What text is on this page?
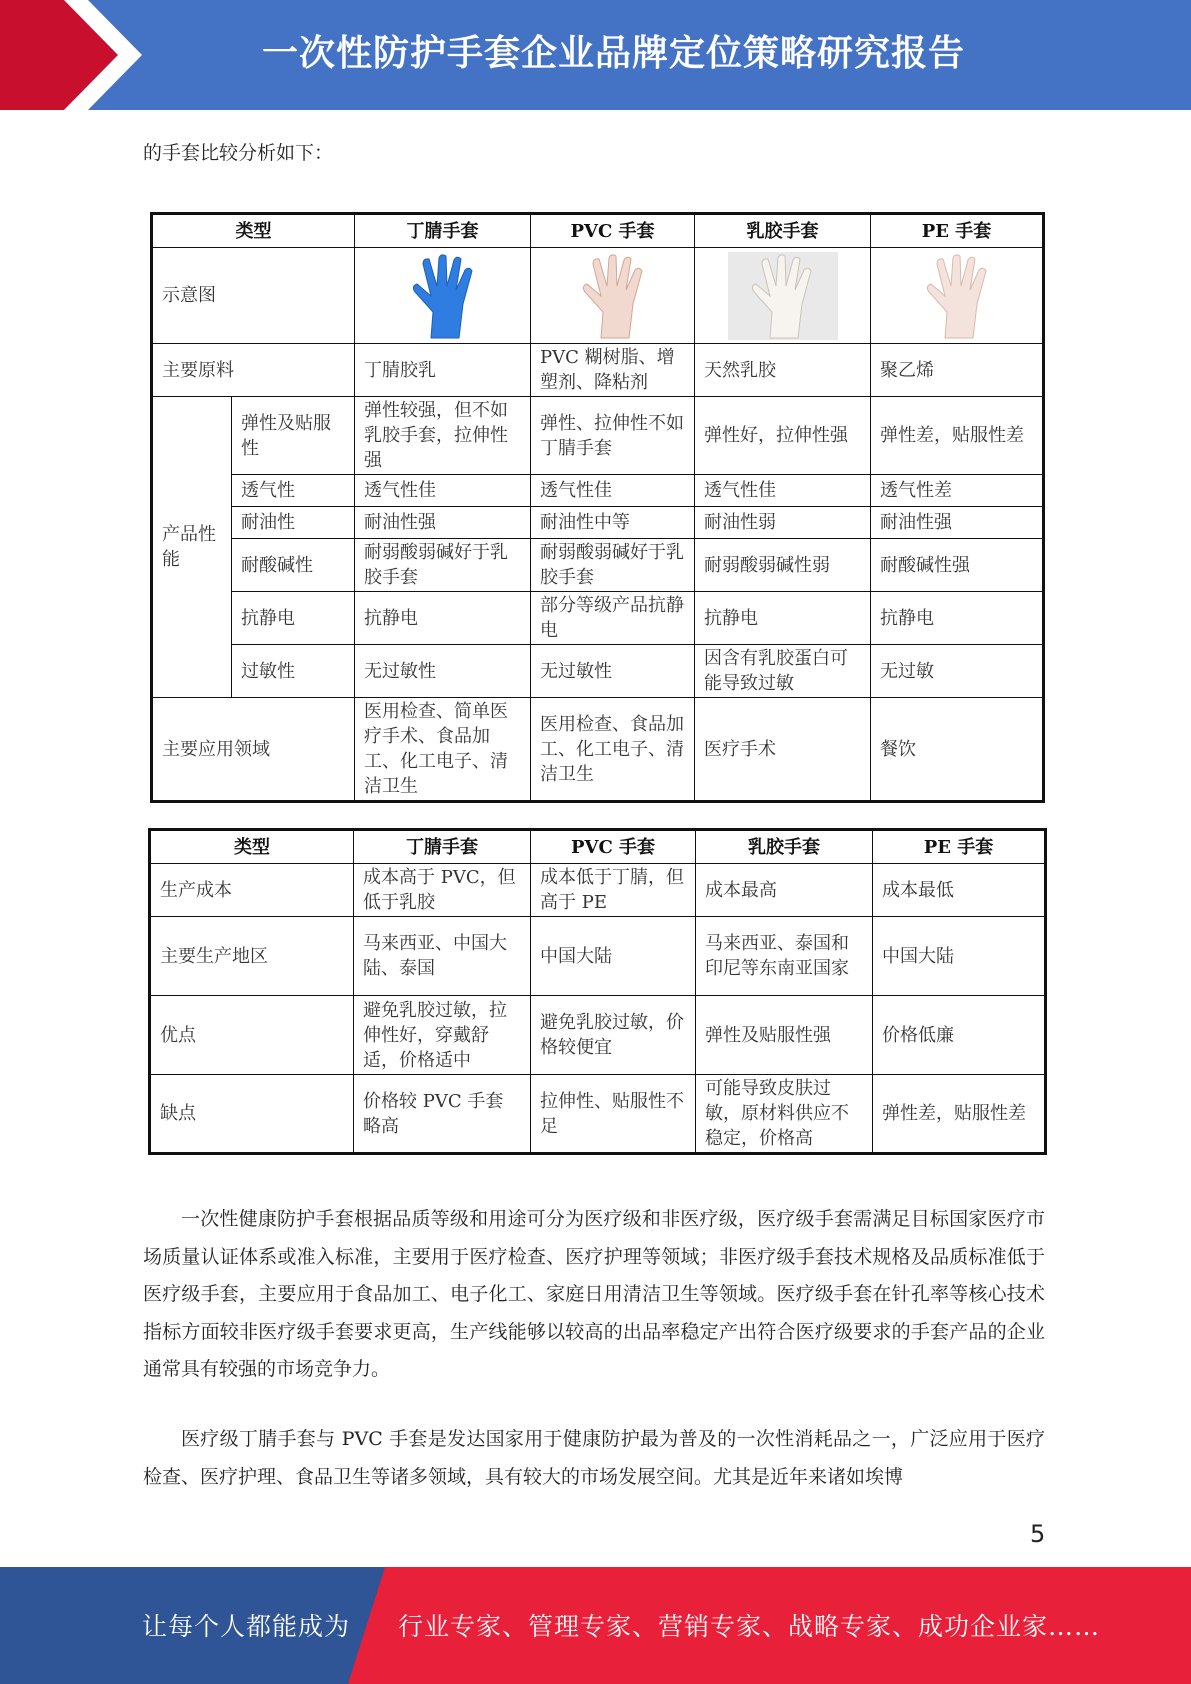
一次性防护手套企业品牌定位策略研究报告
的手套比较分析如下：
类型		丁腈手套	PVC 手套	乳胶手套	PE 手套
示意图	

主要原料		丁腈胶乳	PVC 糊树脂、增塑剂、降粘剂	天然乳胶	聚乙烯
产品性能	弹性及贴服性	弹性较强，但不如乳胶手套，拉伸性强	弹性、拉伸性不如丁腈手套	弹性好，拉伸性强	弹性差，贴服性差
	透气性	透气性佳	透气性佳	透气性佳	透气性差
	耐油性	耐油性强	耐油性中等	耐油性弱	耐油性强
	耐酸碱性	耐弱酸弱碱好于乳胶手套	耐弱酸弱碱好于乳胶手套	耐弱酸弱碱性弱	耐酸碱性强
	抗静电	抗静电	部分等级产品抗静电	抗静电	抗静电
	过敏性	无过敏性	无过敏性	因含有乳胶蛋白可能导致过敏	无过敏
主要应用领域		医用检查、简单医疗手术、食品加工、化工电子、清洁卫生	医用检查、食品加工、化工电子、清洁卫生	医疗手术	餐饮
类型	丁腈手套	PVC 手套	乳胶手套	PE 手套
生产成本	成本高于 PVC，但低于乳胶	成本低于丁腈，但高于 PE	成本最高	成本最低
主要生产地区	马来西亚、中国大陆、泰国	中国大陆	马来西亚、泰国和印尼等东南亚国家	中国大陆
优点	避免乳胶过敏，拉伸性好，穿戴舒适，价格适中	避免乳胶过敏，价格较便宜	弹性及贴服性强	价格低廉
缺点	价格较 PVC 手套略高	拉伸性、贴服性不足	可能导致皮肤过敏，原材料供应不稳定，价格高	弹性差，贴服性差

一次性健康防护手套根据品质等级和用途可分为医疗级和非医疗级，医疗级手套需满足目标国家医疗市场质量认证体系或准入标准，主要用于医疗检查、医疗护理等领域；非医疗级手套技术规格及品质标准低于医疗级手套，主要应用于食品加工、电子化工、家庭日用清洁卫生等领域。医疗级手套在针孔率等核心技术指标方面较非医疗级手套要求更高，生产线能够以较高的出品率稳定产出符合医疗级要求的手套产品的企业通常具有较强的市场竞争力。

医疗级丁腈手套与 PVC 手套是发达国家用于健康防护最为普及的一次性消耗品之一，广泛应用于医疗检查、医疗护理、食品卫生等诸多领域，具有较大的市场发展空间。尤其是近年来诸如埃博

5
让每个人都能成为 行业专家、管理专家、营销专家、战略专家、成功企业家……
